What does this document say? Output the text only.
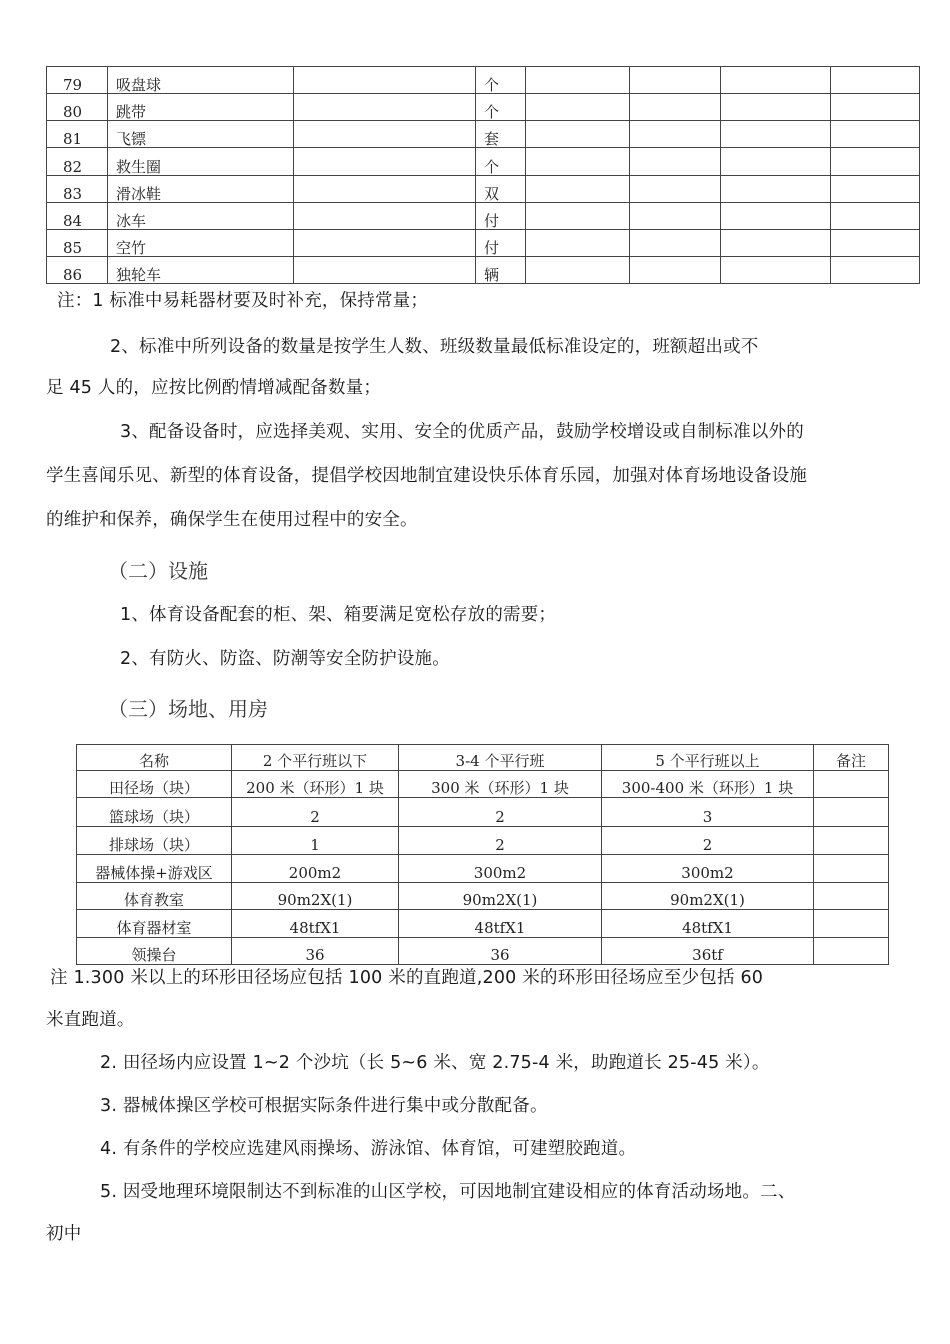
79	吸盘球		个				
80	跳带		个				
81	飞镖		套				
82	救生圈		个				
83	滑冰鞋		双				
84	冰车		付				
85	空竹		付				
86	独轮车		辆				
注：1 标准中易耗器材要及时补充，保持常量；
2、标准中所列设备的数量是按学生人数、班级数量最低标准设定的，班额超出或不
足 45 人的，应按比例酌情增减配备数量；
3、配备设备时，应选择美观、实用、安全的优质产品，鼓励学校增设或自制标准以外的
学生喜闻乐见、新型的体育设备，提倡学校因地制宜建设快乐体育乐园，加强对体育场地设备设施
的维护和保养，确保学生在使用过程中的安全。
（二）设施
1、体育设备配套的柜、架、箱要满足宽松存放的需要；
2、有防火、防盗、防潮等安全防护设施。
（三）场地、用房
名称	2 个平行班以下	3-4 个平行班	5 个平行班以上	备注
田径场（块）	200 米（环形）1 块	300 米（环形）1 块	300-400 米（环形）1 块	
篮球场（块）	2	2	3	
排球场（块）	1	2	2	
器械体操+游戏区	200m2	300m2	300m2	
体育教室	90m2X(1)	90m2X(1)	90m2X(1)	
体育器材室	48tfX1	48tfX1	48tfX1	
领操台	36	36	36tf	
注 1.300 米以上的环形田径场应包括 100 米的直跑道,200 米的环形田径场应至少包括 60
米直跑道。
2. 田径场内应设置 1~2 个沙坑（长 5~6 米、宽 2.75-4 米，助跑道长 25-45 米）。
3. 器械体操区学校可根据实际条件进行集中或分散配备。
4. 有条件的学校应选建风雨操场、游泳馆、体育馆，可建塑胶跑道。
5. 因受地理环境限制达不到标准的山区学校，可因地制宜建设相应的体育活动场地。二、
初中
